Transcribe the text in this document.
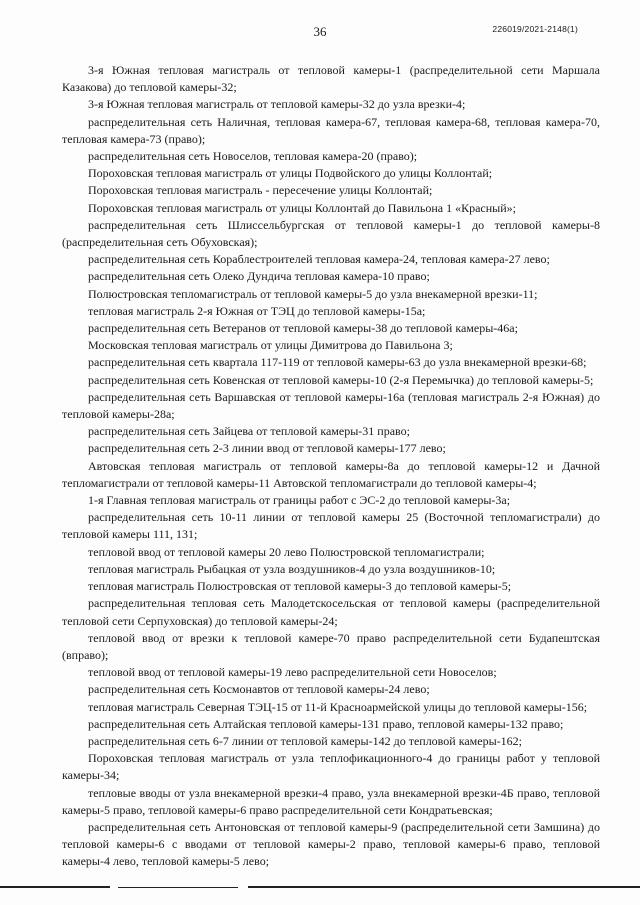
36	226019/2021-2148(1)

3-я Южная тепловая магистраль от тепловой камеры-1 (распределительной сети Маршала Казакова) до тепловой камеры-32;

3-я Южная тепловая магистраль от тепловой камеры-32 до узла врезки-4;

распределительная сеть Наличная, тепловая камера-67, тепловая камера-68, тепловая камера-70, тепловая камера-73 (право);

распределительная сеть Новоселов, тепловая камера-20 (право);

Пороховская тепловая магистраль от улицы Подвойского до улицы Коллонтай;

Пороховская тепловая магистраль - пересечение улицы Коллонтай;

Пороховская тепловая магистраль от улицы Коллонтай до Павильона 1 «Красный»;

распределительная сеть Шлиссельбургская от тепловой камеры-1 до тепловой камеры-8 (распределительная сеть Обуховская);

распределительная сеть Кораблестроителей тепловая камера-24, тепловая камера-27 лево;

распределительная сеть Олеко Дундича тепловая камера-10 право;

Полюстровская тепломагистраль от тепловой камеры-5 до узла внекамерной врезки-11;

тепловая магистраль 2-я Южная от ТЭЦ до тепловой камеры-15а;

распределительная сеть Ветеранов от тепловой камеры-38 до тепловой камеры-46а;

Московская тепловая магистраль от улицы Димитрова до Павильона 3;

распределительная сеть квартала 117-119 от тепловой камеры-63 до узла внекамерной врезки-68;

распределительная сеть Ковенская от тепловой камеры-10 (2-я Перемычка) до тепловой камеры-5;

распределительная сеть Варшавская от тепловой камеры-16а (тепловая магистраль 2-я Южная) до тепловой камеры-28а;

распределительная сеть Зайцева от тепловой камеры-31 право;

распределительная сеть 2-3 линии ввод от тепловой камеры-177 лево;

Автовская тепловая магистраль от тепловой камеры-8а до тепловой камеры-12 и Дачной тепломагистрали от тепловой камеры-11 Автовской тепломагистрали до тепловой камеры-4;

1-я Главная тепловая магистраль от границы работ с ЭС-2 до тепловой камеры-3а;

распределительная сеть 10-11 линии от тепловой камеры 25 (Восточной тепломагистрали) до тепловой камеры 111, 131;

тепловой ввод от тепловой камеры 20 лево Полюстровской тепломагистрали;

тепловая магистраль Рыбацкая от узла воздушников-4 до узла воздушников-10;

тепловая магистраль Полюстровская от тепловой камеры-3 до тепловой камеры-5;

распределительная тепловая сеть Малодетскосельская от тепловой камеры (распределительной тепловой сети Серпуховская) до тепловой камеры-24;

тепловой ввод от врезки к тепловой камере-70 право распределительной сети Будапештская (вправо);

тепловой ввод от тепловой камеры-19 лево распределительной сети Новоселов;

распределительная сеть Космонавтов от тепловой камеры-24 лево;

тепловая магистраль Северная ТЭЦ-15 от 11-й Красноармейской улицы до тепловой камеры-156;

распределительная сеть Алтайская тепловой камеры-131 право, тепловой камеры-132 право;

распределительная сеть 6-7 линии от тепловой камеры-142 до тепловой камеры-162;

Пороховская тепловая магистраль от узла теплофикационного-4 до границы работ у тепловой камеры-34;

тепловые вводы от узла внекамерной врезки-4 право, узла внекамерной врезки-4Б право, тепловой камеры-5 право, тепловой камеры-6 право распределительной сети Кондратьевская;

распределительная сеть Антоновская от тепловой камеры-9 (распределительной сети Замшина) до тепловой камеры-6 с вводами от тепловой камеры-2 право, тепловой камеры-6 право, тепловой камеры-4 лево, тепловой камеры-5 лево;
